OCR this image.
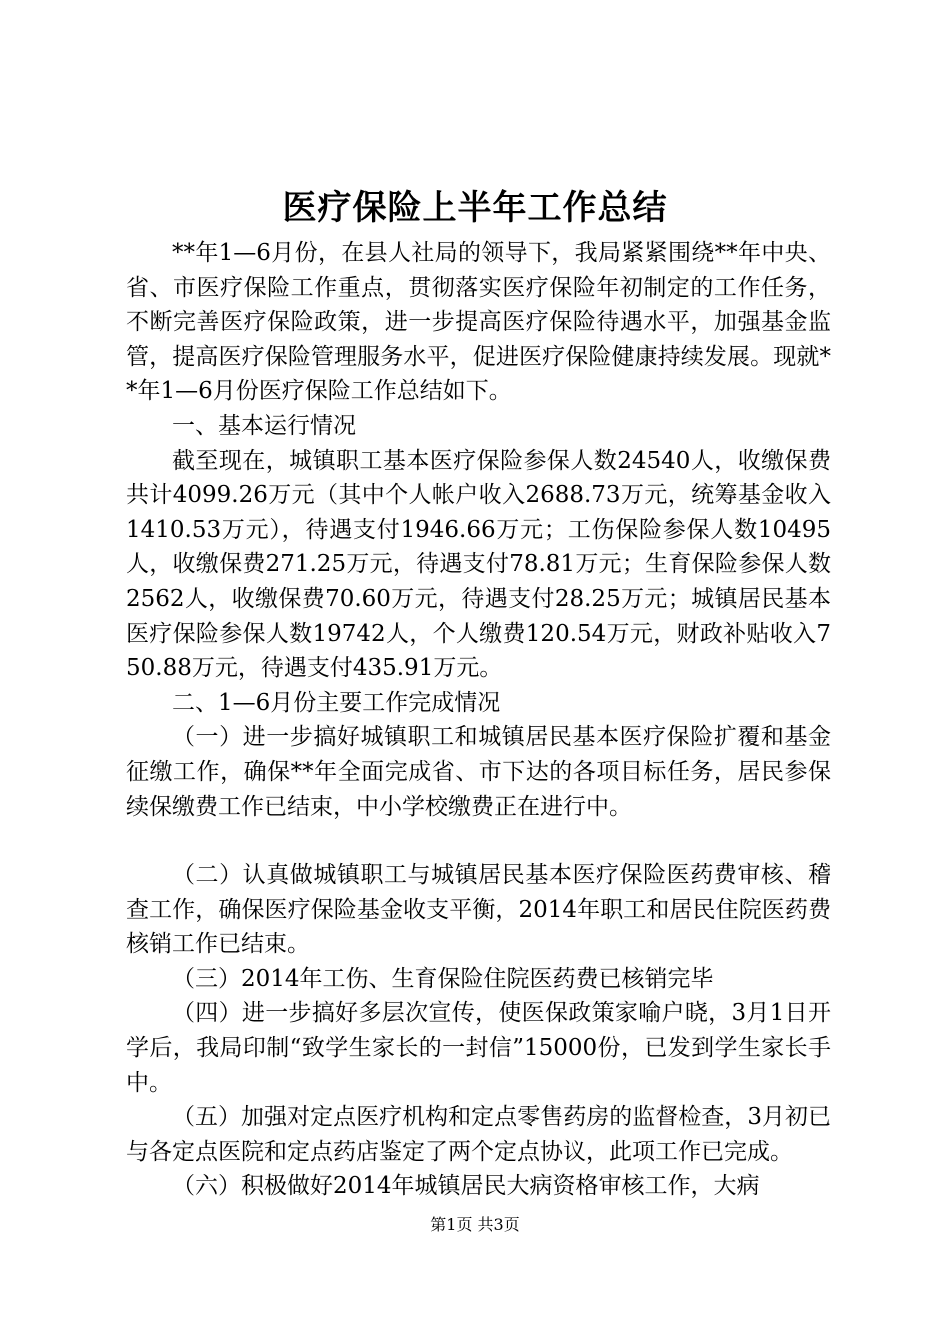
医疗保险上半年工作总结

**年1—6月份，在县人社局的领导下，我局紧紧围绕**年中央、省、市医疗保险工作重点，贯彻落实医疗保险年初制定的工作任务，不断完善医疗保险政策，进一步提高医疗保险待遇水平，加强基金监管，提高医疗保险管理服务水平，促进医疗保险健康持续发展。现就**年1—6月份医疗保险工作总结如下。

一、基本运行情况

截至现在，城镇职工基本医疗保险参保人数24540人，收缴保费共计4099.26万元（其中个人帐户收入2688.73万元，统筹基金收入1410.53万元），待遇支付1946.66万元；工伤保险参保人数10495人，收缴保费271.25万元，待遇支付78.81万元；生育保险参保人数2562人，收缴保费70.60万元，待遇支付28.25万元；城镇居民基本医疗保险参保人数19742人，个人缴费120.54万元，财政补贴收入750.88万元，待遇支付435.91万元。

二、1—6月份主要工作完成情况

（一）进一步搞好城镇职工和城镇居民基本医疗保险扩覆和基金征缴工作，确保**年全面完成省、市下达的各项目标任务，居民参保续保缴费工作已结束，中小学校缴费正在进行中。

（二）认真做城镇职工与城镇居民基本医疗保险医药费审核、稽查工作，确保医疗保险基金收支平衡，2014年职工和居民住院医药费核销工作已结束。

（三）2014年工伤、生育保险住院医药费已核销完毕

（四）进一步搞好多层次宣传，使医保政策家喻户晓，3月1日开学后，我局印制“致学生家长的一封信”15000份，已发到学生家长手中。

（五）加强对定点医疗机构和定点零售药房的监督检查，3月初已与各定点医院和定点药店鉴定了两个定点协议，此项工作已完成。

（六）积极做好2014年城镇居民大病资格审核工作，大病

第1页 共3页
